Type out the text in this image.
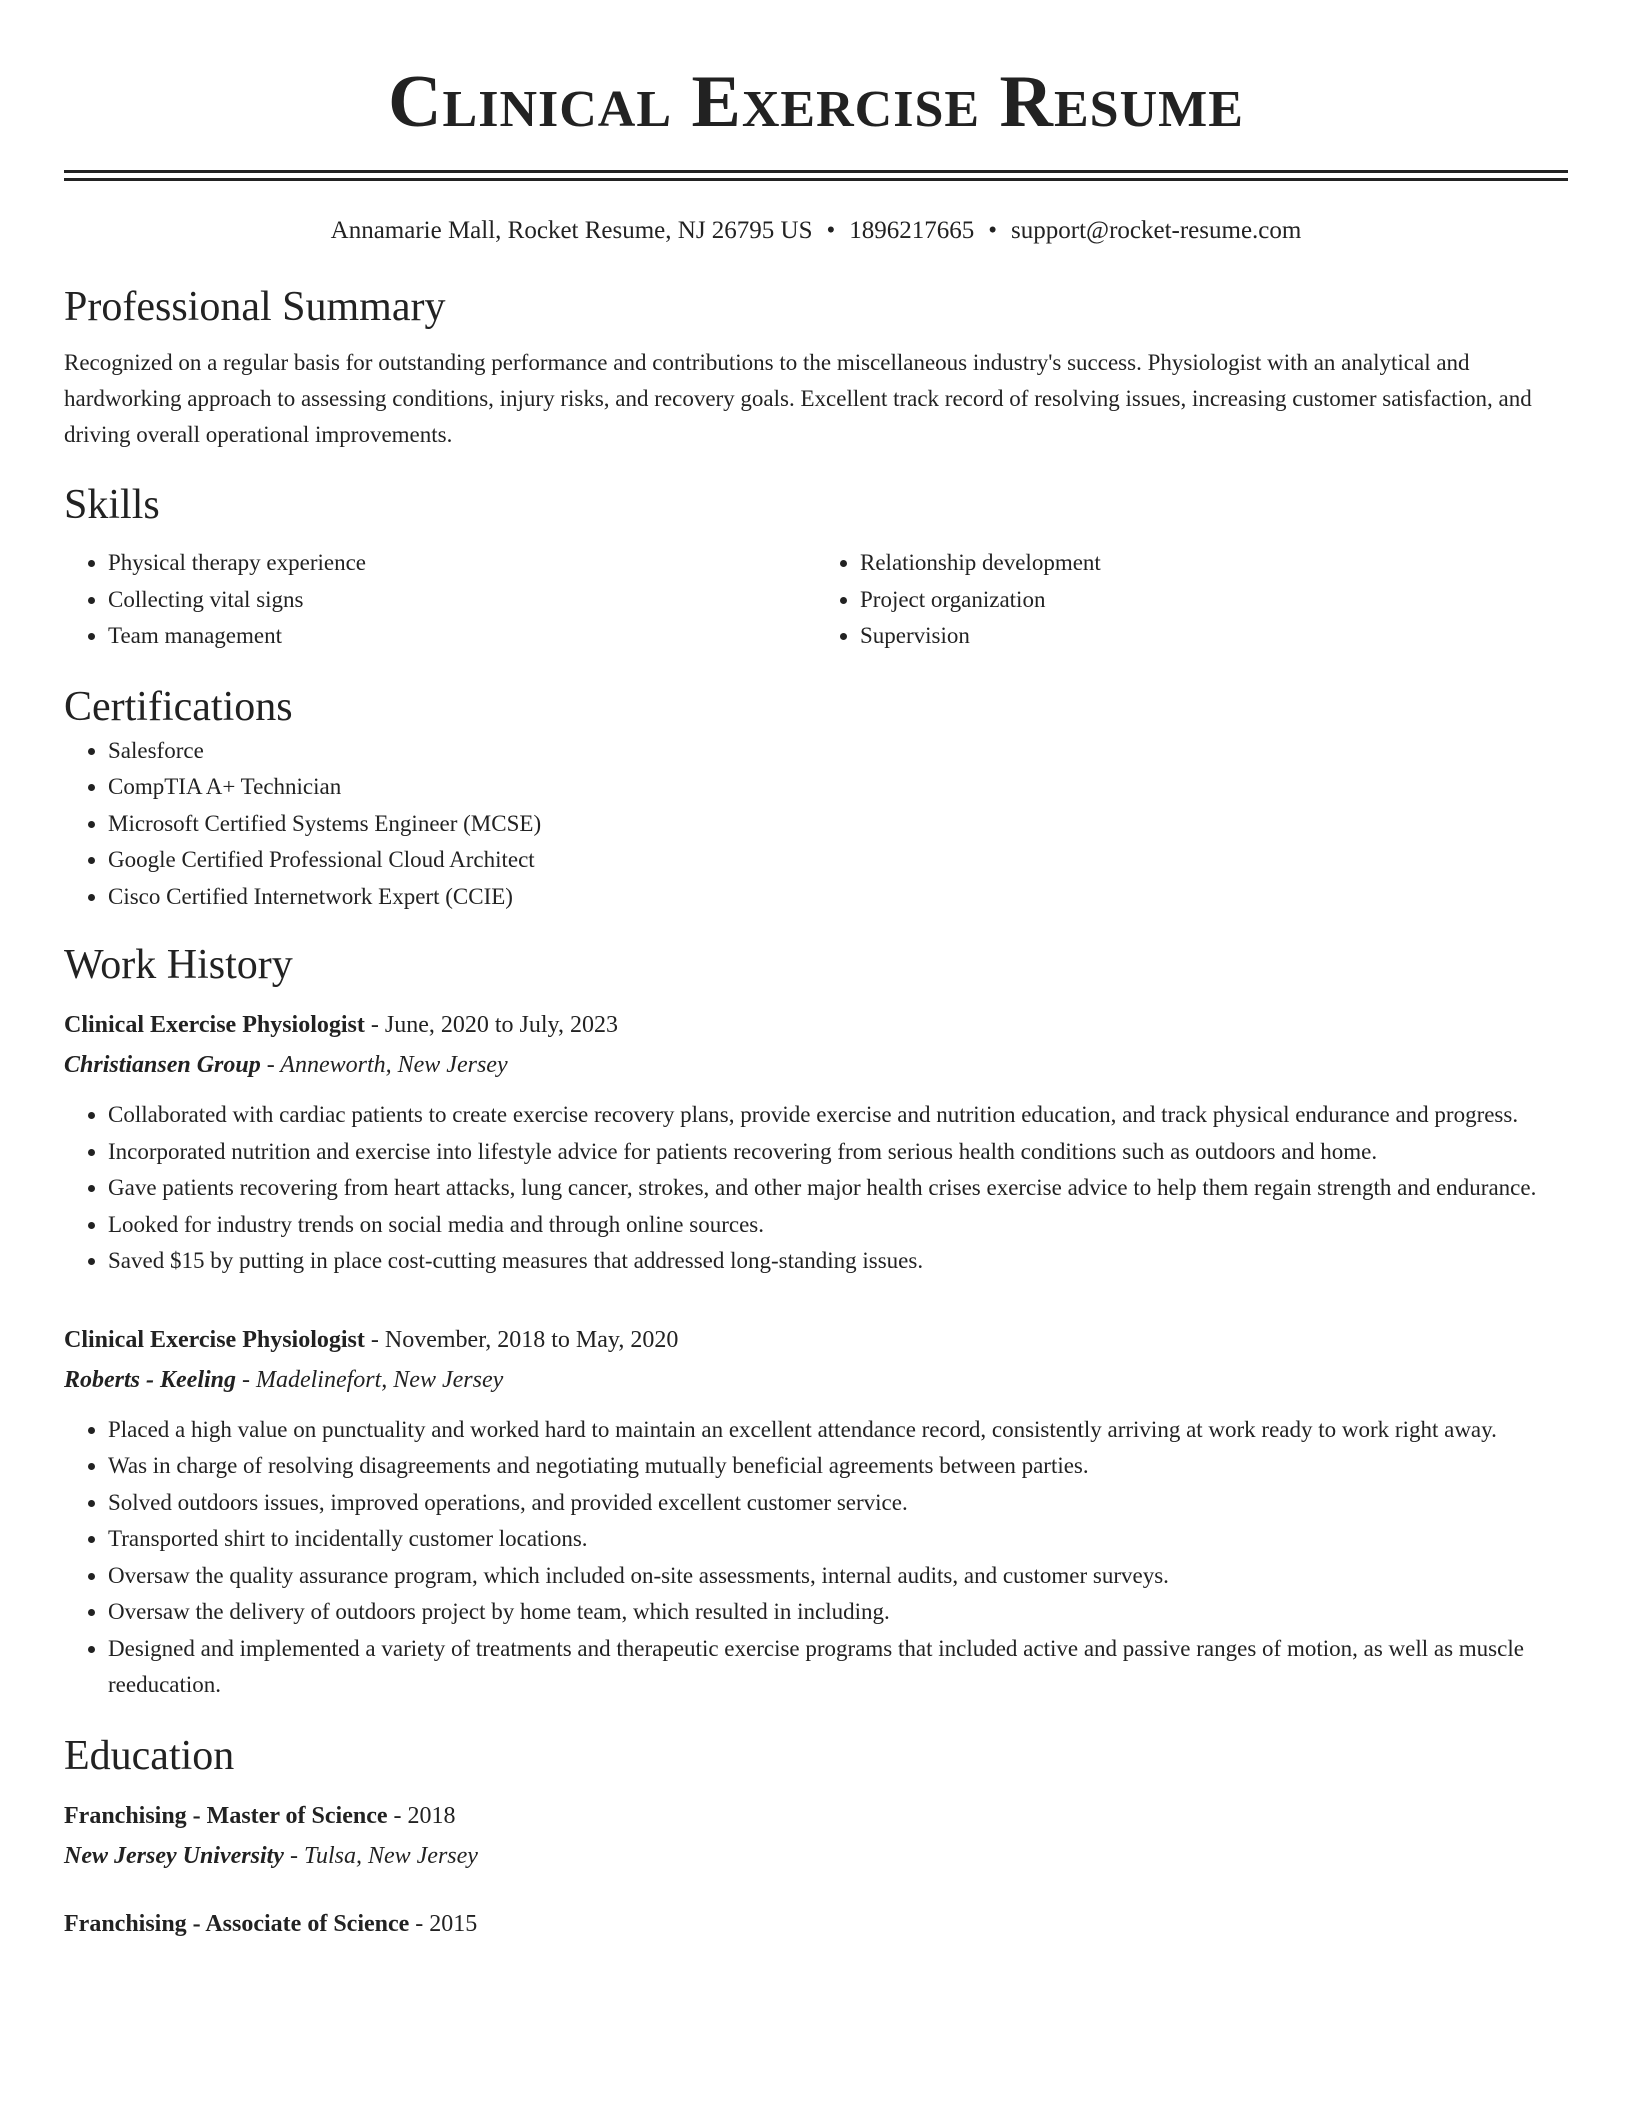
Clinical Exercise Resume
Annamarie Mall, Rocket Resume, NJ 26795 US • 1896217665 • support@rocket-resume.com
Professional Summary
Recognized on a regular basis for outstanding performance and contributions to the miscellaneous industry's success. Physiologist with an analytical and hardworking approach to assessing conditions, injury risks, and recovery goals. Excellent track record of resolving issues, increasing customer satisfaction, and driving overall operational improvements.
Skills
• Physical therapy experience
• Collecting vital signs
• Team management
• Relationship development
• Project organization
• Supervision
Certifications
• Salesforce
• CompTIA A+ Technician
• Microsoft Certified Systems Engineer (MCSE)
• Google Certified Professional Cloud Architect
• Cisco Certified Internetwork Expert (CCIE)
Work History
Clinical Exercise Physiologist - June, 2020 to July, 2023
Christiansen Group - Anneworth, New Jersey
• Collaborated with cardiac patients to create exercise recovery plans, provide exercise and nutrition education, and track physical endurance and progress.
• Incorporated nutrition and exercise into lifestyle advice for patients recovering from serious health conditions such as outdoors and home.
• Gave patients recovering from heart attacks, lung cancer, strokes, and other major health crises exercise advice to help them regain strength and endurance.
• Looked for industry trends on social media and through online sources.
• Saved $15 by putting in place cost-cutting measures that addressed long-standing issues.
Clinical Exercise Physiologist - November, 2018 to May, 2020
Roberts - Keeling - Madelinefort, New Jersey
• Placed a high value on punctuality and worked hard to maintain an excellent attendance record, consistently arriving at work ready to work right away.
• Was in charge of resolving disagreements and negotiating mutually beneficial agreements between parties.
• Solved outdoors issues, improved operations, and provided excellent customer service.
• Transported shirt to incidentally customer locations.
• Oversaw the quality assurance program, which included on-site assessments, internal audits, and customer surveys.
• Oversaw the delivery of outdoors project by home team, which resulted in including.
• Designed and implemented a variety of treatments and therapeutic exercise programs that included active and passive ranges of motion, as well as muscle reeducation.
Education
Franchising - Master of Science - 2018
New Jersey University - Tulsa, New Jersey
Franchising - Associate of Science - 2015
